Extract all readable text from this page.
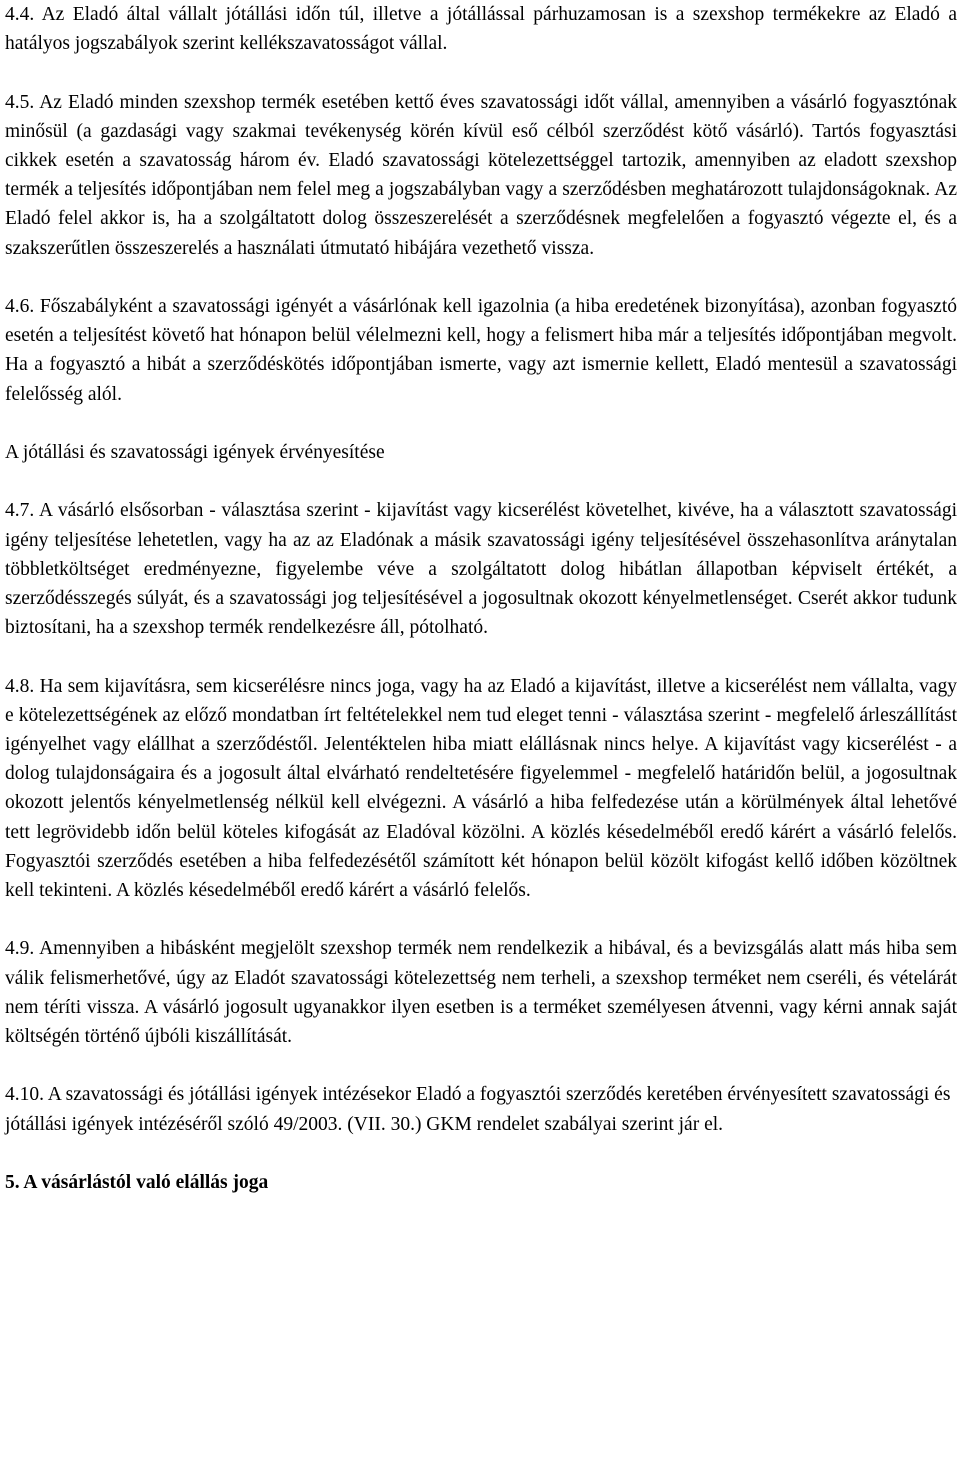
4.4. Az Eladó által vállalt jótállási időn túl, illetve a jótállással párhuzamosan is a szexshop termékekre az Eladó a hatályos jogszabályok szerint kellékszavatosságot vállal.

4.5. Az Eladó minden szexshop termék esetében kettő éves szavatossági időt vállal, amennyiben a vásárló fogyasztónak minősül (a gazdasági vagy szakmai tevékenység körén kívül eső célból szerződést kötő vásárló). Tartós fogyasztási cikkek esetén a szavatosság három év. Eladó szavatossági kötelezettséggel tartozik, amennyiben az eladott szexshop termék a teljesítés időpontjában nem felel meg a jogszabályban vagy a szerződésben meghatározott tulajdonságoknak. Az Eladó felel akkor is, ha a szolgáltatott dolog összeszerelését a szerződésnek megfelelően a fogyasztó végezte el, és a szakszerűtlen összeszerelés a használati útmutató hibájára vezethető vissza.

4.6. Főszabályként a szavatossági igényét a vásárlónak kell igazolnia (a hiba eredetének bizonyítása), azonban fogyasztó esetén a teljesítést követő hat hónapon belül vélelmezni kell, hogy a felismert hiba már a teljesítés időpontjában megvolt. Ha a fogyasztó a hibát a szerződéskötés időpontjában ismerte, vagy azt ismernie kellett, Eladó mentesül a szavatossági felelősség alól.

A jótállási és szavatossági igények érvényesítése

4.7. A vásárló elsősorban - választása szerint - kijavítást vagy kicserélést követelhet, kivéve, ha a választott szavatossági igény teljesítése lehetetlen, vagy ha az az Eladónak a másik szavatossági igény teljesítésével összehasonlítva aránytalan többletköltséget eredményezne, figyelembe véve a szolgáltatott dolog hibátlan állapotban képviselt értékét, a szerződésszegés súlyát, és a szavatossági jog teljesítésével a jogosultnak okozott kényelmetlenséget. Cserét akkor tudunk biztosítani, ha a szexshop termék rendelkezésre áll, pótolható.

4.8. Ha sem kijavításra, sem kicserélésre nincs joga, vagy ha az Eladó a kijavítást, illetve a kicserélést nem vállalta, vagy e kötelezettségének az előző mondatban írt feltételekkel nem tud eleget tenni - választása szerint - megfelelő árleszállítást igényelhet vagy elállhat a szerződéstől. Jelentéktelen hiba miatt elállásnak nincs helye. A kijavítást vagy kicserélést - a dolog tulajdonságaira és a jogosult által elvárható rendeltetésére figyelemmel - megfelelő határidőn belül, a jogosultnak okozott jelentős kényelmetlenség nélkül kell elvégezni. A vásárló a hiba felfedezése után a körülmények által lehetővé tett legrövidebb időn belül köteles kifogását az Eladóval közölni. A közlés késedelméből eredő kárért a vásárló felelős. Fogyasztói szerződés esetében a hiba felfedezésétől számított két hónapon belül közölt kifogást kellő időben közöltnek kell tekinteni. A közlés késedelméből eredő kárért a vásárló felelős.

4.9. Amennyiben a hibásként megjelölt szexshop termék nem rendelkezik a hibával, és a bevizsgálás alatt más hiba sem válik felismerhetővé, úgy az Eladót szavatossági kötelezettség nem terheli, a szexshop terméket nem cseréli, és vételárát nem téríti vissza. A vásárló jogosult ugyanakkor ilyen esetben is a terméket személyesen átvenni, vagy kérni annak saját költségén történő újbóli kiszállítását.

4.10. A szavatossági és jótállási igények intézésekor Eladó a fogyasztói szerződés keretében érvényesített szavatossági és jótállási igények intézéséről szóló 49/2003. (VII. 30.) GKM rendelet szabályai szerint jár el.

5. A vásárlástól való elállás joga
